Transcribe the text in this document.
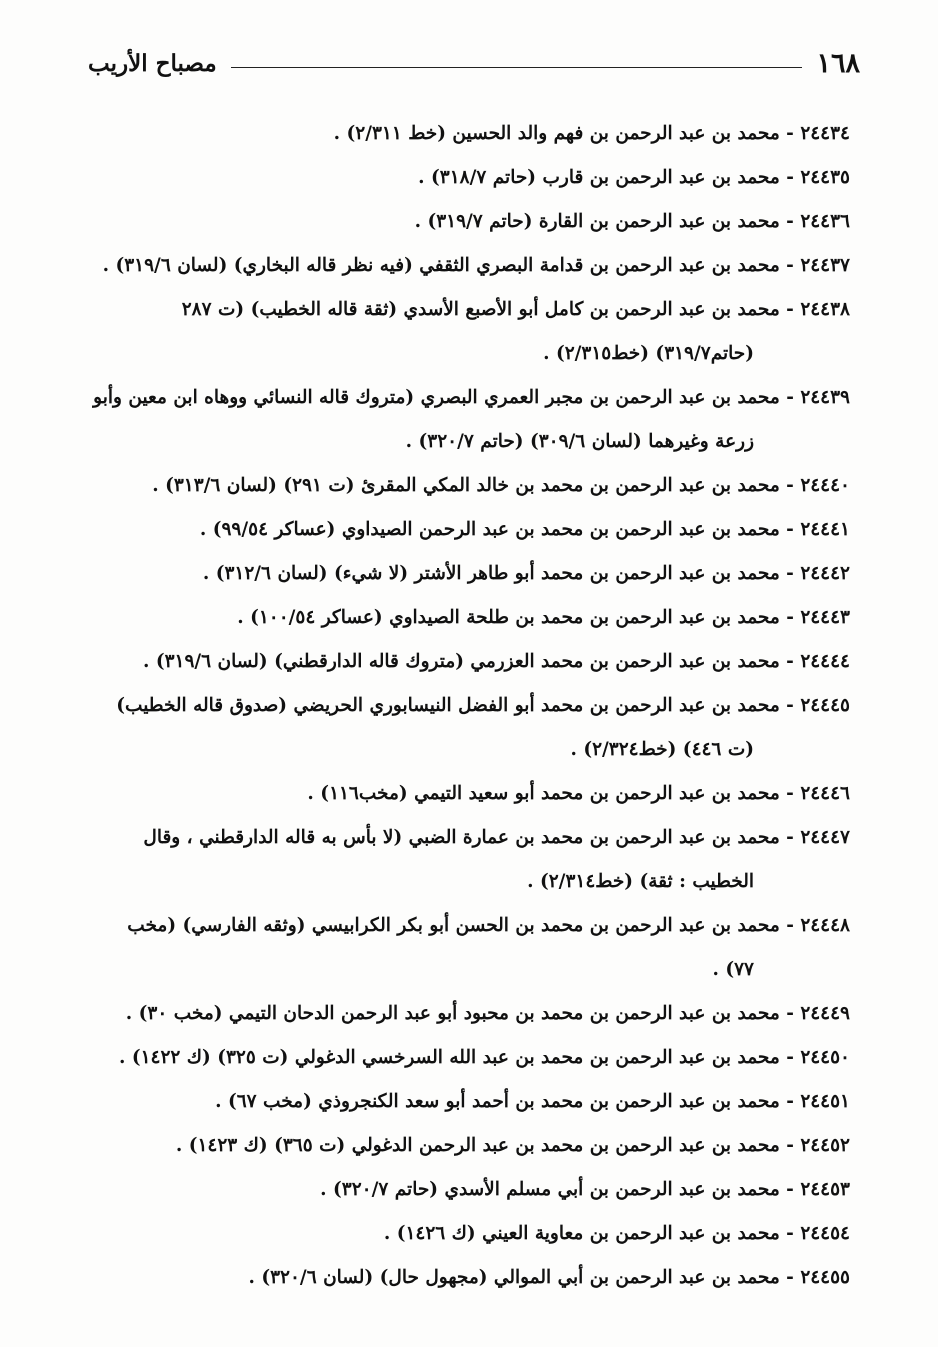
١٦٨
مصباح الأريب
٢٤٤٣٤ - محمد بن عبد الرحمن بن فهم والد الحسين (خط ٢/٣١١) .
٢٤٤٣٥ - محمد بن عبد الرحمن بن قارب (حاتم ٣١٨/٧) .
٢٤٤٣٦ - محمد بن عبد الرحمن بن القارة (حاتم ٣١٩/٧) .
٢٤٤٣٧ - محمد بن عبد الرحمن بن قدامة البصري الثقفي (فيه نظر قاله البخاري) (لسان ٣١٩/٦) .
٢٤٤٣٨ - محمد بن عبد الرحمن بن كامل أبو الأصبع الأسدي (ثقة قاله الخطيب) (ت ٢٨٧
(حاتم٣١٩/٧) (خط٢/٣١٥) .
٢٤٤٣٩ - محمد بن عبد الرحمن بن مجبر العمري البصري (متروك قاله النسائي ووهاه ابن معين وأبو
زرعة وغيرهما (لسان ٣٠٩/٦) (حاتم ٣٢٠/٧) .
٢٤٤٤٠ - محمد بن عبد الرحمن بن محمد بن خالد المكي المقرئ (ت ٢٩١) (لسان ٣١٣/٦) .
٢٤٤٤١ - محمد بن عبد الرحمن بن محمد بن عبد الرحمن الصيداوي (عساكر ٩٩/٥٤) .
٢٤٤٤٢ - محمد بن عبد الرحمن بن محمد أبو طاهر الأشتر (لا شيء) (لسان ٣١٢/٦) .
٢٤٤٤٣ - محمد بن عبد الرحمن بن محمد بن طلحة الصيداوي (عساكر ١٠٠/٥٤) .
٢٤٤٤٤ - محمد بن عبد الرحمن بن محمد العزرمي (متروك قاله الدارقطني) (لسان ٣١٩/٦) .
٢٤٤٤٥ - محمد بن عبد الرحمن بن محمد أبو الفضل النيسابوري الحريضي (صدوق قاله الخطيب)
(ت ٤٤٦) (خط٢/٣٢٤) .
٢٤٤٤٦ - محمد بن عبد الرحمن بن محمد أبو سعيد التيمي (مخب١١٦) .
٢٤٤٤٧ - محمد بن عبد الرحمن بن محمد بن عمارة الضبي (لا بأس به قاله الدارقطني ، وقال
الخطيب : ثقة) (خط٢/٣١٤) .
٢٤٤٤٨ - محمد بن عبد الرحمن بن محمد بن الحسن أبو بكر الكرابيسي (وثقه الفارسي) (مخب
٧٧) .
٢٤٤٤٩ - محمد بن عبد الرحمن بن محمد بن محبود أبو عبد الرحمن الدحان التيمي (مخب ٣٠) .
٢٤٤٥٠ - محمد بن عبد الرحمن بن محمد بن عبد الله السرخسي الدغولي (ت ٣٢٥) (ك ١٤٢٢) .
٢٤٤٥١ - محمد بن عبد الرحمن بن محمد بن أحمد أبو سعد الكنجروذي (مخب ٦٧) .
٢٤٤٥٢ - محمد بن عبد الرحمن بن محمد بن عبد الرحمن الدغولي (ت ٣٦٥) (ك ١٤٢٣) .
٢٤٤٥٣ - محمد بن عبد الرحمن بن أبي مسلم الأسدي (حاتم ٣٢٠/٧) .
٢٤٤٥٤ - محمد بن عبد الرحمن بن معاوية العيني (ك ١٤٢٦) .
٢٤٤٥٥ - محمد بن عبد الرحمن بن أبي الموالي (مجهول حال) (لسان ٣٢٠/٦) .
